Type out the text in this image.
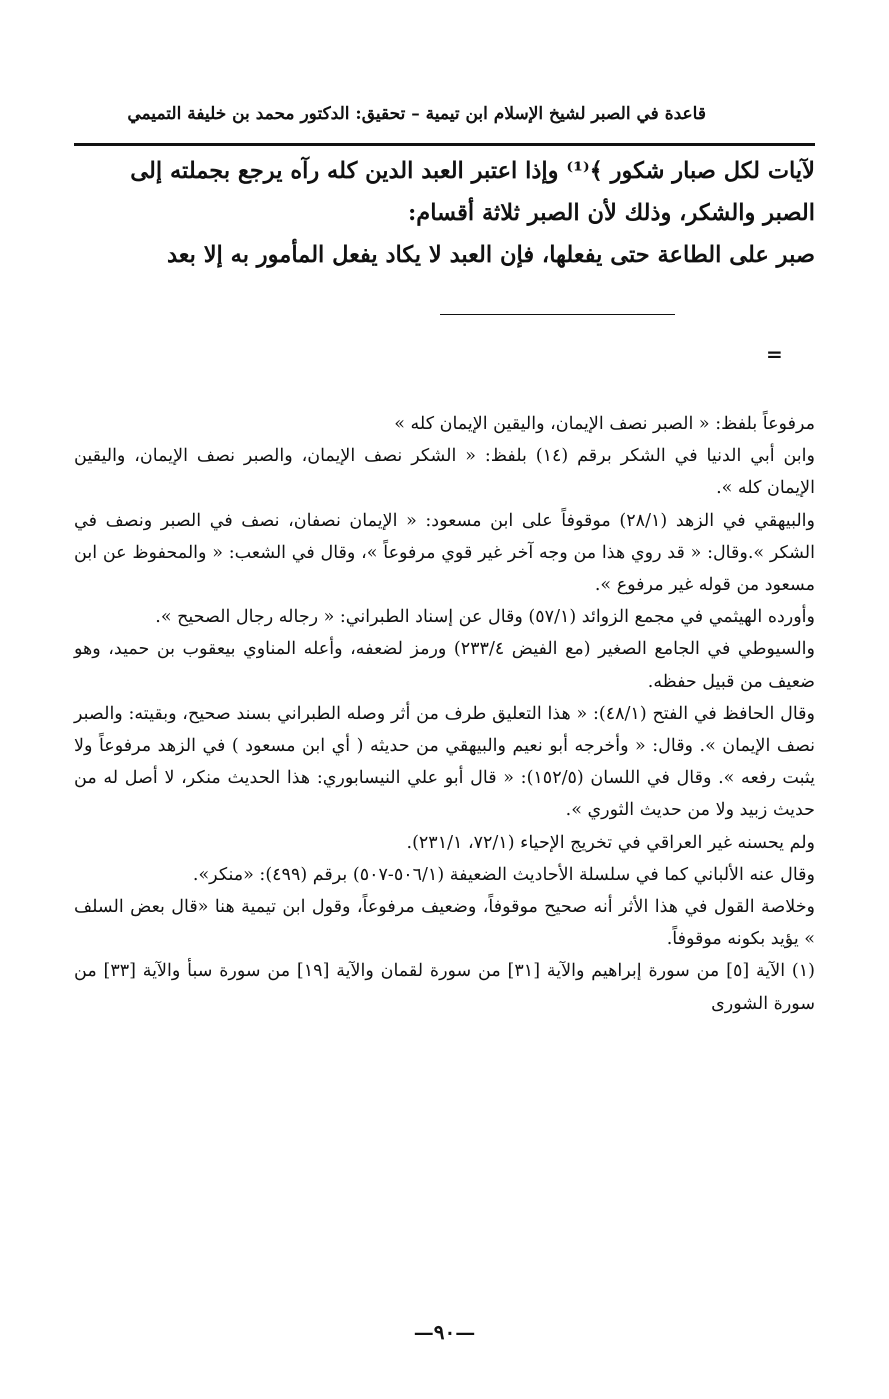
قاعدة في الصبر لشيخ الإسلام ابن تيمية – تحقيق: الدكتور محمد بن خليفة التميمي

لآيات لكل صبار شكور ﴾⁽¹⁾ وإذا اعتبر العبد الدين كله رآه يرجع بجملته إلى

الصبر والشكر، وذلك لأن الصبر ثلاثة أقسام:

صبر على الطاعة حتى يفعلها، فإن العبد لا يكاد يفعل المأمور به إلا بعد

=

مرفوعاً بلفظ: « الصبر نصف الإيمان، واليقين الإيمان كله »

وابن أبي الدنيا في الشكر برقم (١٤) بلفظ: « الشكر نصف الإيمان، والصبر نصف الإيمان، واليقين الإيمان كله ».

والبيهقي في الزهد (٢٨/١) موقوفاً على ابن مسعود: « الإيمان نصفان، نصف في الصبر ونصف في الشكر ».وقال: « قد روي هذا من وجه آخر غير قوي مرفوعاً »، وقال في الشعب: « والمحفوظ عن ابن مسعود من قوله غير مرفوع ».

وأورده الهيثمي في مجمع الزوائد (٥٧/١) وقال عن إسناد الطبراني: « رجاله رجال الصحيح ».

والسيوطي في الجامع الصغير (مع الفيض ٢٣٣/٤) ورمز لضعفه، وأعله المناوي بيعقوب بن حميد، وهو ضعيف من قبيل حفظه.

وقال الحافظ في الفتح (٤٨/١): « هذا التعليق طرف من أثر وصله الطبراني بسند صحيح، وبقيته: والصبر نصف الإيمان ». وقال: « وأخرجه أبو نعيم والبيهقي من حديثه ( أي ابن مسعود ) في الزهد مرفوعاً ولا يثبت رفعه ». وقال في اللسان (١٥٢/٥): « قال أبو علي النيسابوري: هذا الحديث منكر، لا أصل له من حديث زبيد ولا من حديث الثوري ».

ولم يحسنه غير العراقي في تخريج الإحياء (٧٢/١، ٢٣١/١).

وقال عنه الألباني كما في سلسلة الأحاديث الضعيفة (٥٠٦/١-٥٠٧) برقم (٤٩٩): «منكر».

وخلاصة القول في هذا الأثر أنه صحيح موقوفاً، وضعيف مرفوعاً، وقول ابن تيمية هنا «قال بعض السلف » يؤيد بكونه موقوفاً.

(١) الآية [٥] من سورة إبراهيم والآية [٣١] من سورة لقمان والآية [١٩] من سورة سبأ والآية [٣٣] من سورة الشورى

—٩٠—
